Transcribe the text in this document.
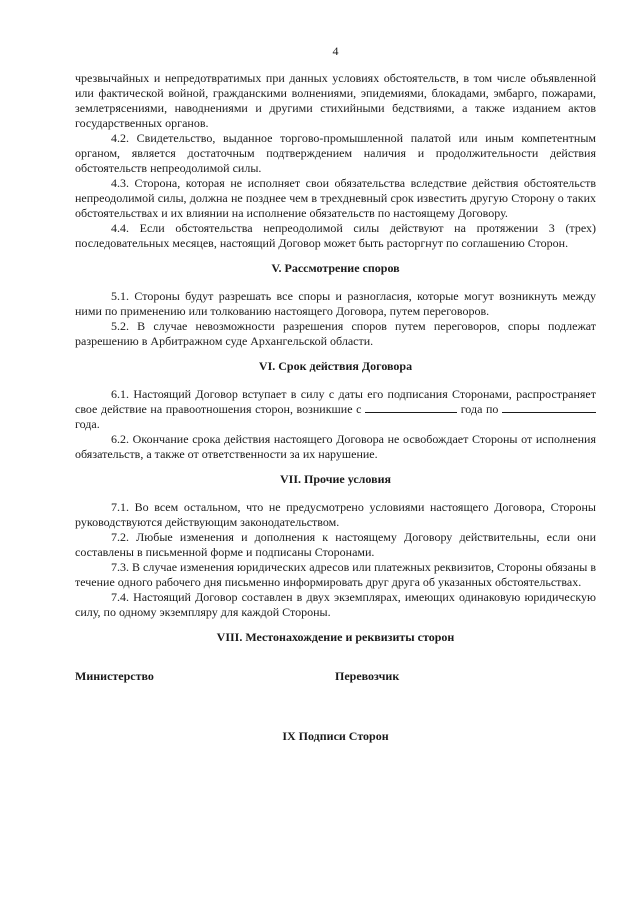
4

чрезвычайных и непредотвратимых при данных условиях обстоятельств, в том числе объявленной или фактической войной, гражданскими волнениями, эпидемиями, блокадами, эмбарго, пожарами, землетрясениями, наводнениями и другими стихийными бедствиями, а также изданием актов государственных органов.

4.2. Свидетельство, выданное торгово-промышленной палатой или иным компетентным органом, является достаточным подтверждением наличия и продолжительности действия обстоятельств непреодолимой силы.

4.3. Сторона, которая не исполняет свои обязательства вследствие действия обстоятельств непреодолимой силы, должна не позднее чем в трехдневный срок известить другую Сторону о таких обстоятельствах и их влиянии на исполнение обязательств по настоящему Договору.

4.4. Если обстоятельства непреодолимой силы действуют на протяжении 3 (трех) последовательных месяцев, настоящий Договор может быть расторгнут по соглашению Сторон.

V. Рассмотрение споров

5.1. Стороны будут разрешать все споры и разногласия, которые могут возникнуть между ними по применению или толкованию настоящего Договора, путем переговоров.

5.2. В случае невозможности разрешения споров путем переговоров, споры подлежат разрешению в Арбитражном суде Архангельской области.

VI. Срок действия Договора

6.1. Настоящий Договор вступает в силу с даты его подписания Сторонами, распространяет свое действие на правоотношения сторон, возникшие с	года по  года.

6.2. Окончание срока действия настоящего Договора не освобождает Стороны от исполнения обязательств, а также от ответственности за их нарушение.

VII. Прочие условия

7.1. Во всем остальном, что не предусмотрено условиями настоящего Договора, Стороны руководствуются действующим законодательством.

7.2. Любые изменения и дополнения к настоящему Договору действительны, если они составлены в письменной форме и подписаны Сторонами.

7.3. В случае изменения юридических адресов или платежных реквизитов, Стороны обязаны в течение одного рабочего дня письменно информировать друг друга об указанных обстоятельствах.

7.4. Настоящий Договор составлен в двух экземплярах, имеющих одинаковую юридическую силу, по одному экземпляру для каждой Стороны.

VIII. Местонахождение и реквизиты сторон
Министерство	Перевозчик
IX Подписи Сторон
